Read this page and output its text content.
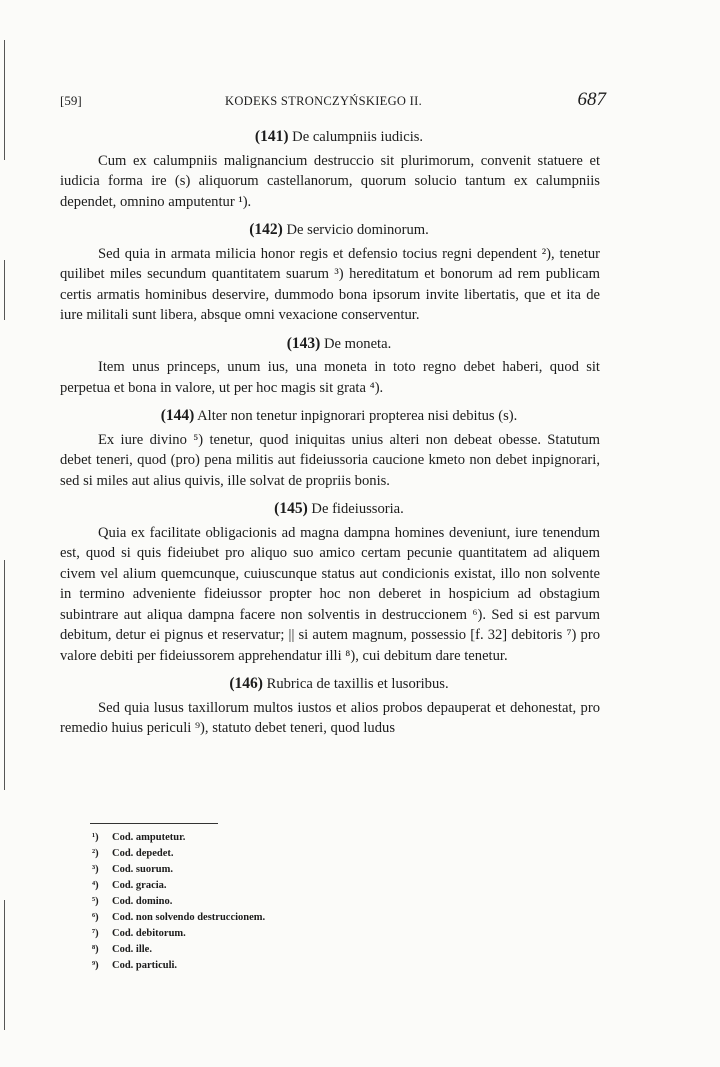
[59]	KODEKS STRONCZYŃSKIEGO II.	687

(141) De calumpniis iudicis.

Cum ex calumpniis malignancium destruccio sit plurimorum, convenit statuere et iudicia forma ire (s) aliquorum castellanorum, quorum solucio tantum ex calumpniis dependet, omnino amputentur ¹).

(142) De servicio dominorum.

Sed quia in armata milicia honor regis et defensio tocius regni dependent ²), tenetur quilibet miles secundum quantitatem suarum ³) hereditatum et bonorum ad rem publicam certis armatis hominibus deservire, dummodo bona ipsorum invite libertatis, que et ita de iure militali sunt libera, absque omni vexacione conserventur.

(143) De moneta.

Item unus princeps, unum ius, una moneta in toto regno debet haberi, quod sit perpetua et bona in valore, ut per hoc magis sit grata ⁴).

(144) Alter non tenetur inpignorari propterea nisi debitus (s).

Ex iure divino ⁵) tenetur, quod iniquitas unius alteri non debeat obesse. Statutum debet teneri, quod (pro) pena militis aut fideiussoria caucione kmeto non debet inpignorari, sed si miles aut alius quivis, ille solvat de propriis bonis.

(145) De fideiussoria.

Quia ex facilitate obligacionis ad magna dampna homines deveniunt, iure tenendum est, quod si quis fideiubet pro aliquo suo amico certam pecunie quantitatem ad aliquem civem vel alium quemcunque, cuiuscunque status aut condicionis existat, illo non solvente in termino adveniente fideiussor propter hoc non deberet in hospicium ad obstagium subintrare aut aliqua dampna facere non solventis in destruccionem ⁶). Sed si est parvum debitum, detur ei pignus et reservatur; || si autem magnum, possessio [f. 32] debitoris ⁷) pro valore debiti per fideiussorem apprehendatur illi ⁸), cui debitum dare tenetur.

(146) Rubrica de taxillis et lusoribus.

Sed quia lusus taxillorum multos iustos et alios probos depauperat et dehonestat, pro remedio huius periculi ⁹), statuto debet teneri, quod ludus

¹) Cod. amputetur.
²) Cod. depedet.
³) Cod. suorum.
⁴) Cod. gracia.
⁵) Cod. domino.
⁶) Cod. non solvendo destruccionem.
⁷) Cod. debitorum.
⁸) Cod. ille.
⁹) Cod. particuli.
